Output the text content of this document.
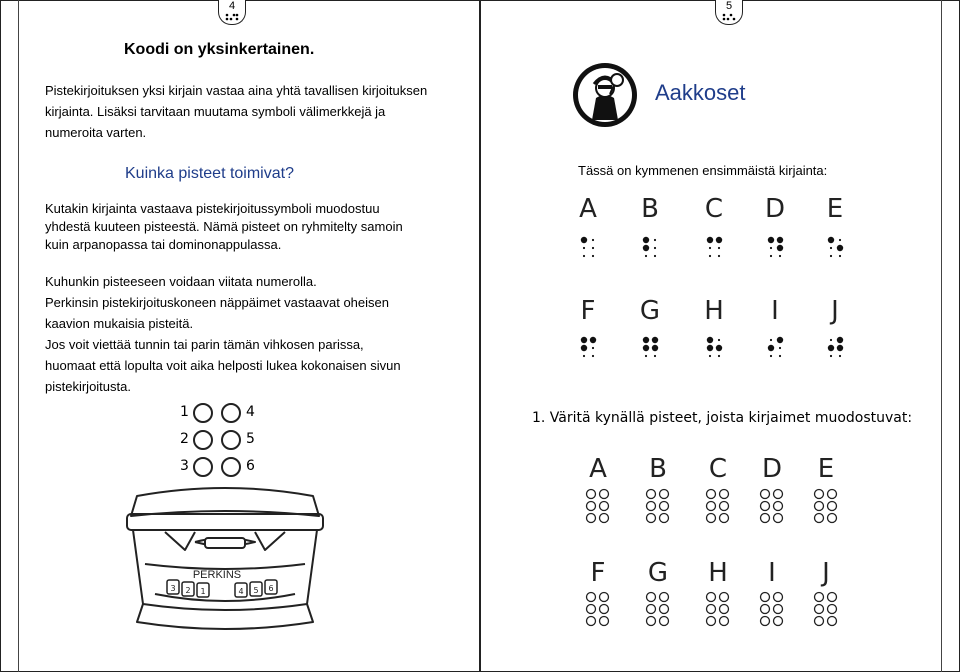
4	5
Koodi on yksinkertainen.
Pistekirjoituksen yksi kirjain vastaa aina yhtä tavallisen kirjoituksen
kirjainta. Lisäksi tarvitaan muutama symboli välimerkkejä ja
numeroita varten.
Kuinka pisteet toimivat?
Kutakin kirjainta vastaava pistekirjoitussymboli muodostuu
yhdestä kuuteen pisteestä. Nämä pisteet on ryhmitelty samoin
kuin arpanopassa tai dominonappulassa.
Kuhunkin pisteeseen voidaan viitata numerolla.
Perkinsin pistekirjoituskoneen näppäimet vastaavat oheisen
kaavion mukaisia pisteitä.
Jos voit viettää tunnin tai parin tämän vihkosen parissa,
huomaat että lopulta voit aika helposti lukea kokonaisen sivun
pistekirjoitusta.
1
2
3
4
5
6
3 2 1	4 5 6
PERKINS
Aakkoset
Tässä on kymmenen ensimmäistä kirjainta:
A	B	C	D	E
F	G	H	I	J
1. Väritä kynällä pisteet, joista kirjaimet muodostuvat:
A	B	C	D	E
F	G	H	I	J
